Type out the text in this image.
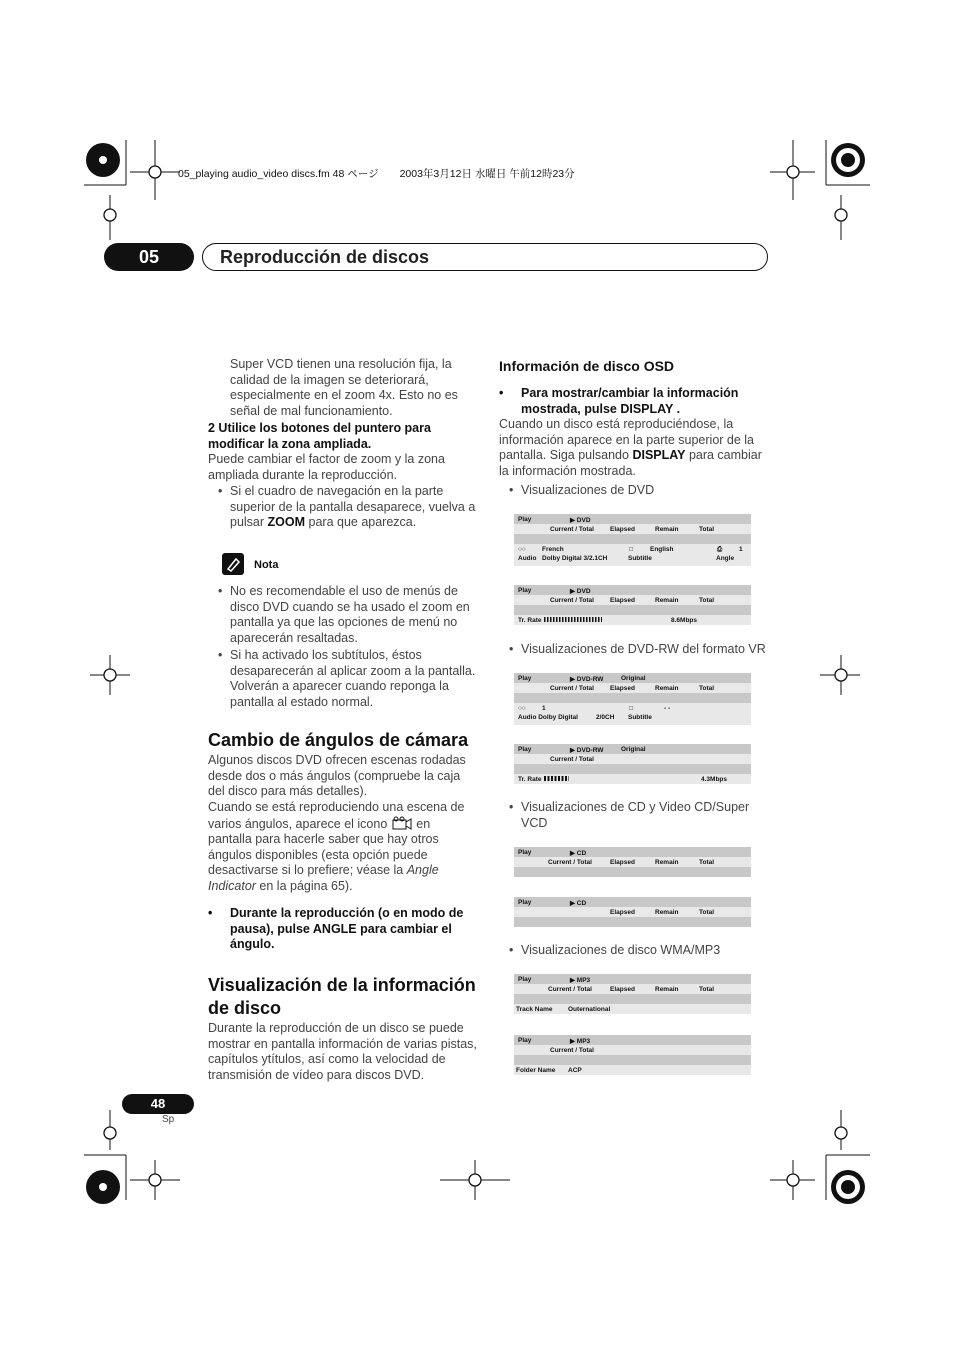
05_playing audio_video discs.fm 48 ページ　　2003年3月12日 水曜日 午前12時23分
05	Reproducción de discos
Super VCD tienen una resolución fija, la calidad de la imagen se deteriorará, especialmente en el zoom 4x. Esto no es señal de mal funcionamiento.
2 Utilice los botones del puntero para modificar la zona ampliada.
Puede cambiar el factor de zoom y la zona ampliada durante la reproducción.
• Si el cuadro de navegación en la parte superior de la pantalla desaparece, vuelva a pulsar ZOOM para que aparezca.
Nota
• No es recomendable el uso de menús de disco DVD cuando se ha usado el zoom en pantalla ya que las opciones de menú no aparecerán resaltadas.
• Si ha activado los subtítulos, éstos desaparecerán al aplicar zoom a la pantalla. Volverán a aparecer cuando reponga la pantalla al estado normal.
Cambio de ángulos de cámara
Algunos discos DVD ofrecen escenas rodadas desde dos o más ángulos (compruebe la caja del disco para más detalles).
Cuando se está reproduciendo una escena de varios ángulos, aparece el icono en pantalla para hacerle saber que hay otros ángulos disponibles (esta opción puede desactivarse si lo prefiere; véase la Angle Indicator en la página 65).
• Durante la reproducción (o en modo de pausa), pulse ANGLE para cambiar el ángulo.
Visualización de la información de disco
Durante la reproducción de un disco se puede mostrar en pantalla información de varias pistas, capítulos ytítulos, así como la velocidad de transmisión de vídeo para discos DVD.
Información de disco OSD
• Para mostrar/cambiar la información mostrada, pulse DISPLAY .
Cuando un disco está reproduciéndose, la información aparece en la parte superior de la pantalla. Siga pulsando DISPLAY para cambiar la información mostrada.
• Visualizaciones de DVD
Play	▶ DVD
Current / Total Elapsed	Remain	Total
○○ French	□	English	⎙	1
Audio Dolby Digital 3/2.1CH	Subtitle	Angle
Play	▶ DVD
Current / Total Elapsed	Remain	Total
Tr. Rate	8.6Mbps
• Visualizaciones de DVD-RW del formato VR
Play	▶ DVD-RW	Original
Current / Total Elapsed	Remain	Total
○○ 1	□	- -
Audio Dolby Digital	2/0CH Subtitle
Play	▶ DVD-RW	Original
Current / Total
Tr. Rate	4.3Mbps
• Visualizaciones de CD y Video CD/Super VCD
Play	▶ CD
Current / Total	Elapsed	Remain	Total
Play	▶ CD
Elapsed	Remain	Total
• Visualizaciones de disco WMA/MP3
Play	▶ MP3
Current / Total	Elapsed	Remain	Total
Track Name Outernational
Play	▶ MP3
Current / Total
Folder Name ACP
48
Sp
